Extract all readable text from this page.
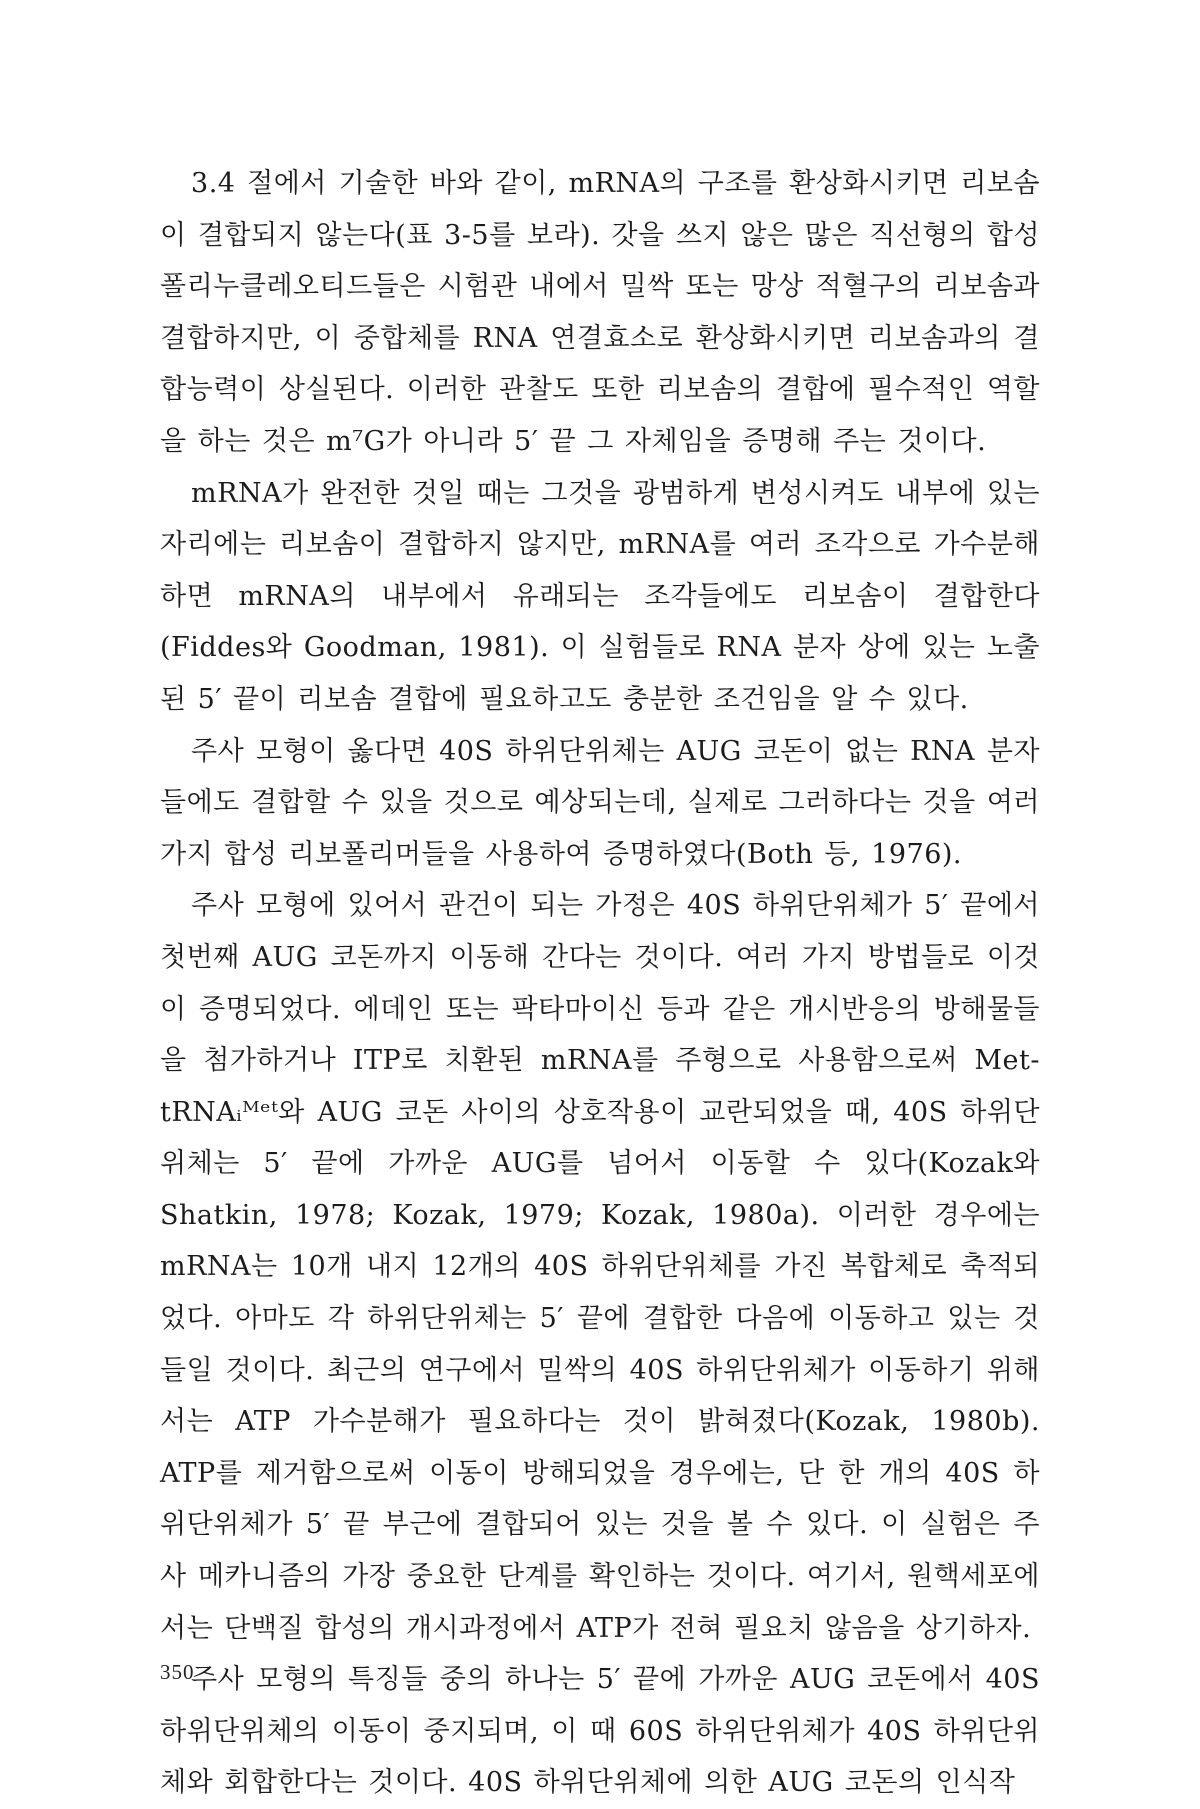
3.4 절에서 기술한 바와 같이, mRNA의 구조를 환상화시키면 리보솜이 결합되지 않는다(표 3-5를 보라). 갓을 쓰지 않은 많은 직선형의 합성 폴리누클레오티드들은 시험관 내에서 밀싹 또는 망상 적혈구의 리보솜과 결합하지만, 이 중합체를 RNA 연결효소로 환상화시키면 리보솜과의 결합능력이 상실된다. 이러한 관찰도 또한 리보솜의 결합에 필수적인 역할을 하는 것은 m⁷G가 아니라 5′ 끝 그 자체임을 증명해 주는 것이다.

mRNA가 완전한 것일 때는 그것을 광범하게 변성시켜도 내부에 있는 자리에는 리보솜이 결합하지 않지만, mRNA를 여러 조각으로 가수분해하면 mRNA의 내부에서 유래되는 조각들에도 리보솜이 결합한다(Fiddes와 Goodman, 1981). 이 실험들로 RNA 분자 상에 있는 노출된 5′ 끝이 리보솜 결합에 필요하고도 충분한 조건임을 알 수 있다.

주사 모형이 옳다면 40S 하위단위체는 AUG 코돈이 없는 RNA 분자들에도 결합할 수 있을 것으로 예상되는데, 실제로 그러하다는 것을 여러 가지 합성 리보폴리머들을 사용하여 증명하였다(Both 등, 1976).

주사 모형에 있어서 관건이 되는 가정은 40S 하위단위체가 5′ 끝에서 첫번째 AUG 코돈까지 이동해 간다는 것이다. 여러 가지 방법들로 이것이 증명되었다. 에데인 또는 팍타마이신 등과 같은 개시반응의 방해물들을 첨가하거나 ITP로 치환된 mRNA를 주형으로 사용함으로써 Met-tRNAᵢᴹᵉᵗ와 AUG 코돈 사이의 상호작용이 교란되었을 때, 40S 하위단위체는 5′ 끝에 가까운 AUG를 넘어서 이동할 수 있다(Kozak와 Shatkin, 1978; Kozak, 1979; Kozak, 1980a). 이러한 경우에는 mRNA는 10개 내지 12개의 40S 하위단위체를 가진 복합체로 축적되었다. 아마도 각 하위단위체는 5′ 끝에 결합한 다음에 이동하고 있는 것들일 것이다. 최근의 연구에서 밀싹의 40S 하위단위체가 이동하기 위해서는 ATP 가수분해가 필요하다는 것이 밝혀졌다(Kozak, 1980b). ATP를 제거함으로써 이동이 방해되었을 경우에는, 단 한 개의 40S 하위단위체가 5′ 끝 부근에 결합되어 있는 것을 볼 수 있다. 이 실험은 주사 메카니즘의 가장 중요한 단계를 확인하는 것이다. 여기서, 원핵세포에서는 단백질 합성의 개시과정에서 ATP가 전혀 필요치 않음을 상기하자.

주사 모형의 특징들 중의 하나는 5′ 끝에 가까운 AUG 코돈에서 40S 하위단위체의 이동이 중지되며, 이 때 60S 하위단위체가 40S 하위단위체와 회합한다는 것이다. 40S 하위단위체에 의한 AUG 코돈의 인식작

350
